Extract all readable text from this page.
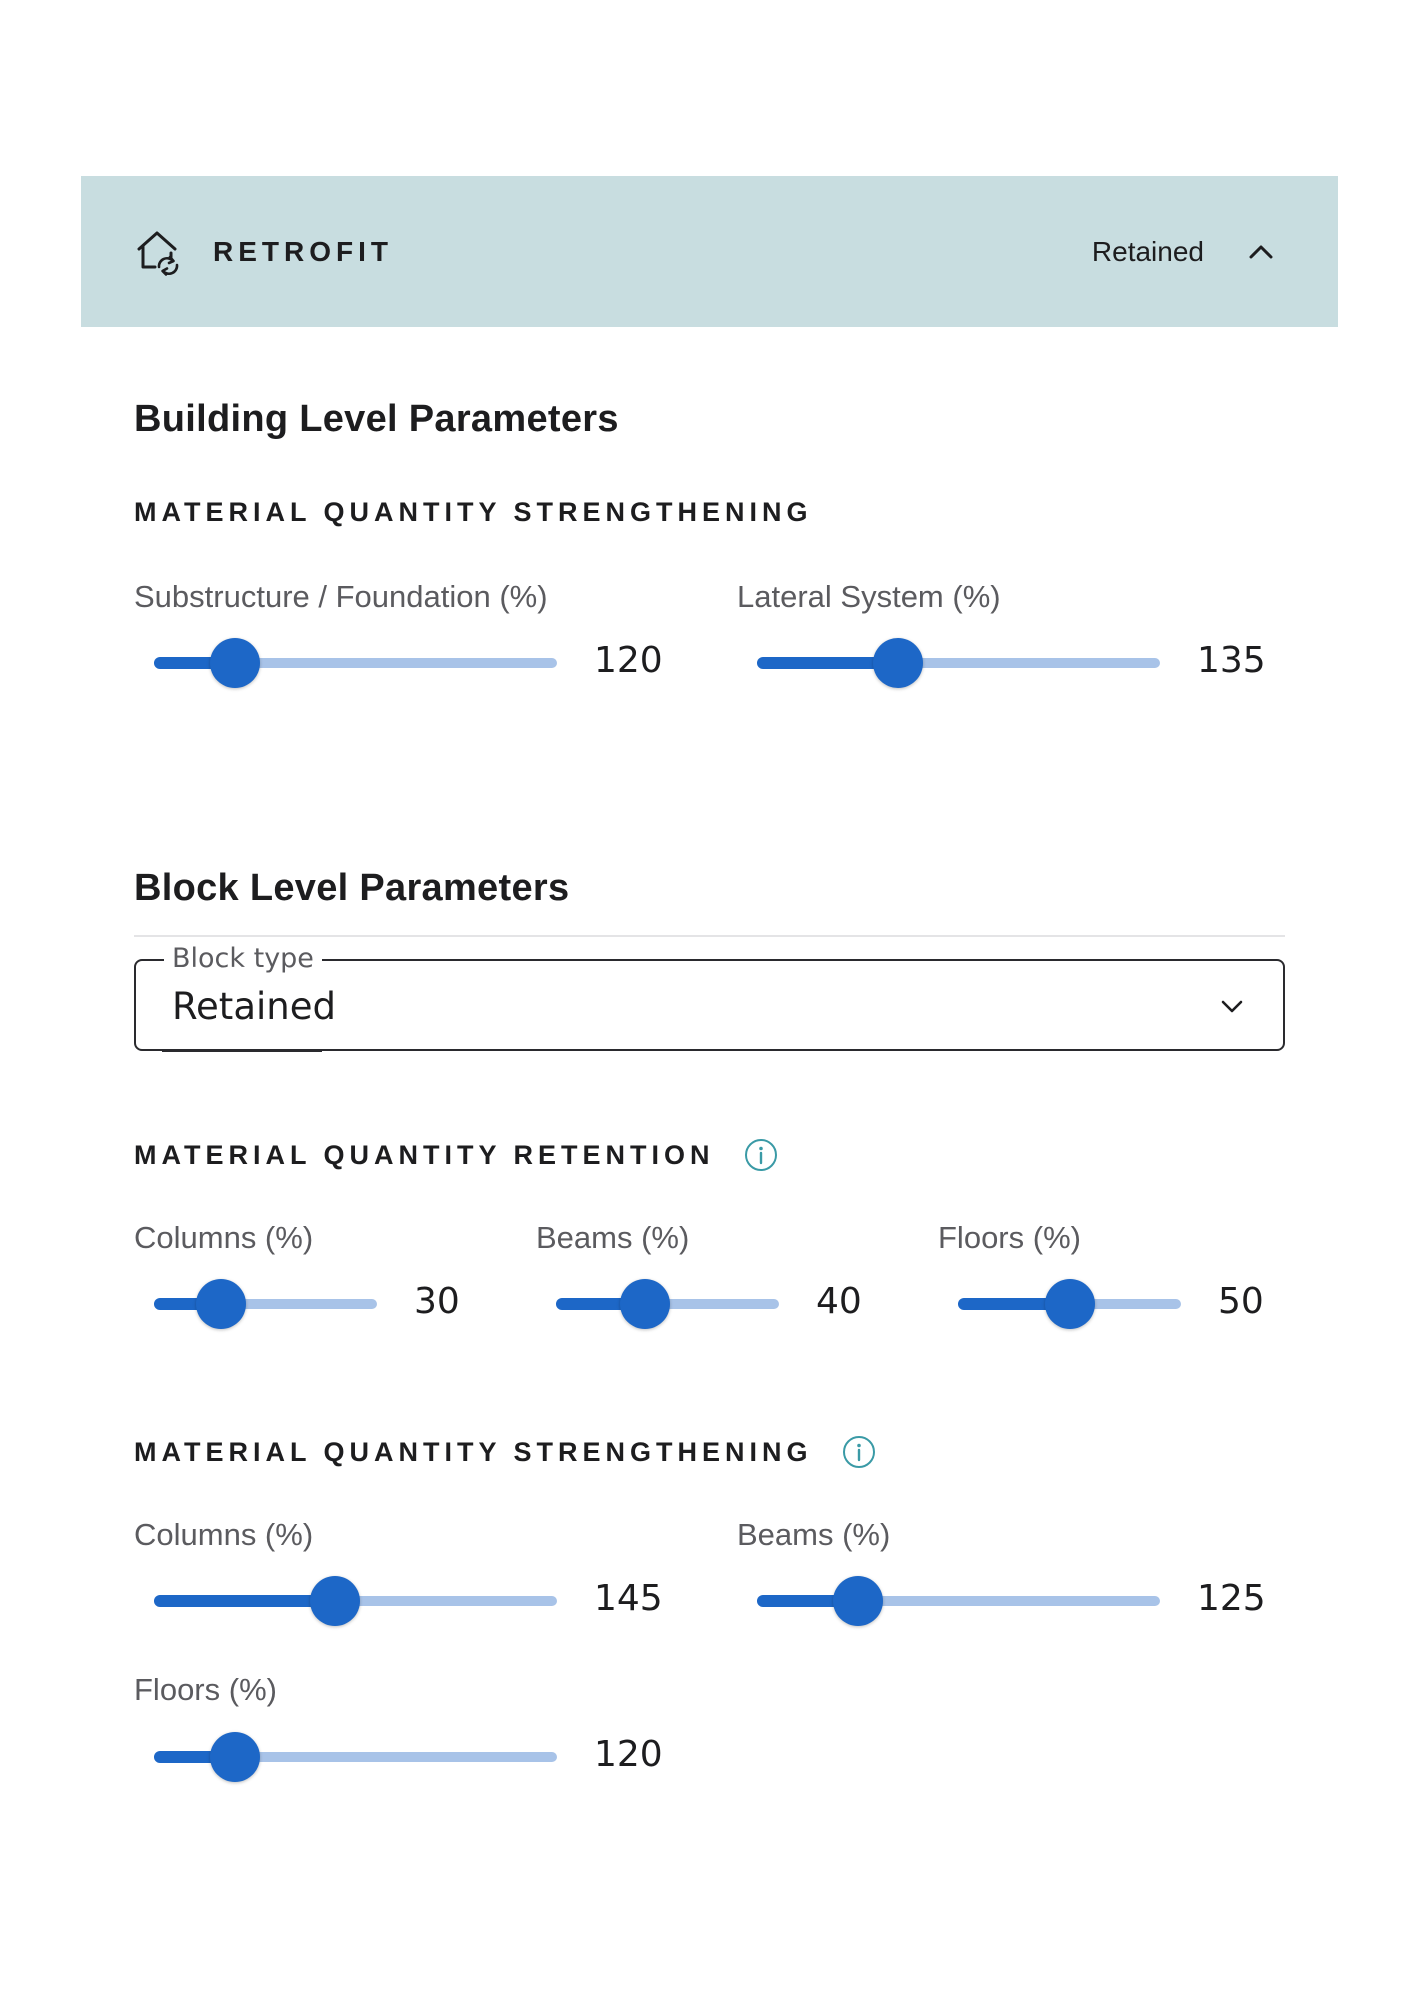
RETROFIT	Retained
Building Level Parameters
MATERIAL QUANTITY STRENGTHENING
Substructure / Foundation (%)
120
Lateral System (%)
135
Block Level Parameters
Block type
Retained
MATERIAL QUANTITY RETENTION
Columns (%)
30
Beams (%)
40
Floors (%)
50
MATERIAL QUANTITY STRENGTHENING
Columns (%)
145
Beams (%)
125
Floors (%)
120
